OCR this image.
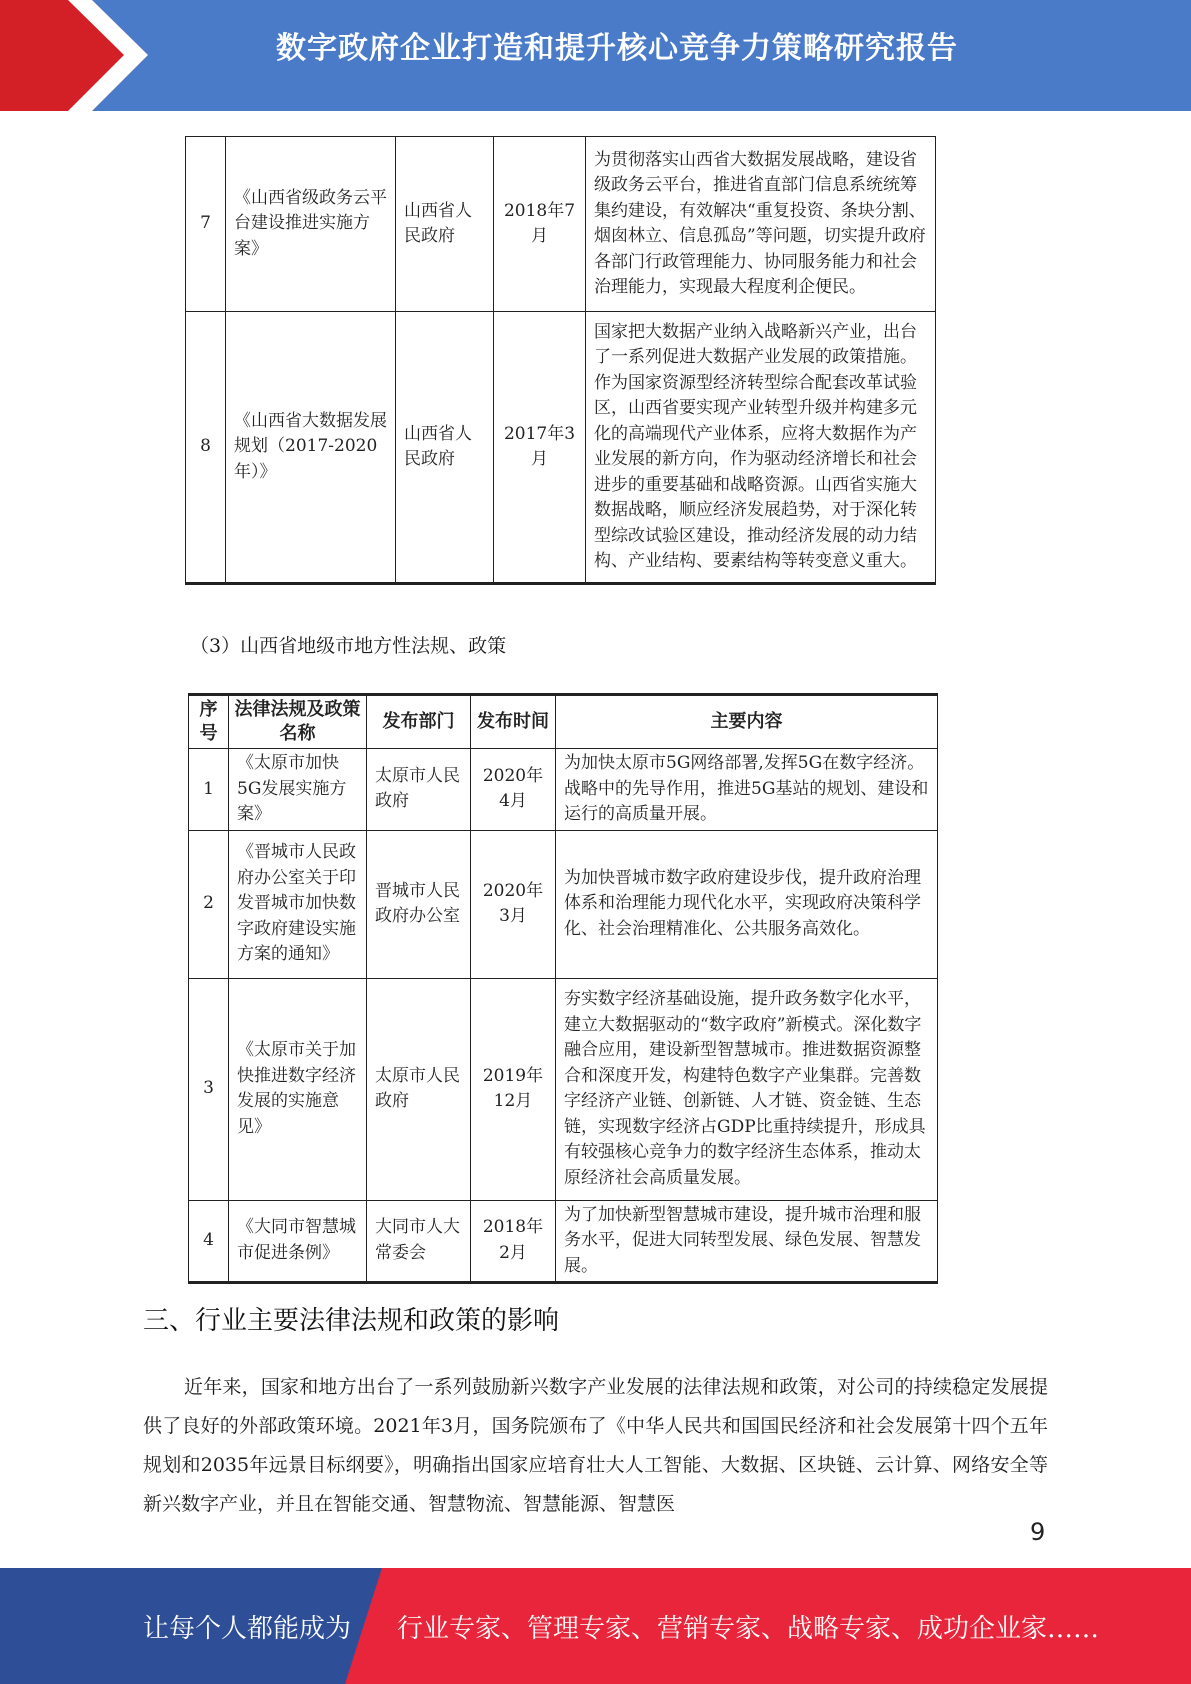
数字政府企业打造和提升核心竞争力策略研究报告
7	《山西省级政务云平台建设推进实施方案》	山西省人民政府	2018年7月	为贯彻落实山西省大数据发展战略，建设省级政务云平台，推进省直部门信息系统统筹集约建设，有效解决“重复投资、条块分割、烟囱林立、信息孤岛”等问题，切实提升政府各部门行政管理能力、协同服务能力和社会治理能力，实现最大程度利企便民。
8	《山西省大数据发展规划（2017-2020年）》	山西省人民政府	2017年3月	国家把大数据产业纳入战略新兴产业，出台了一系列促进大数据产业发展的政策措施。作为国家资源型经济转型综合配套改革试验区，山西省要实现产业转型升级并构建多元化的高端现代产业体系，应将大数据作为产业发展的新方向，作为驱动经济增长和社会进步的重要基础和战略资源。山西省实施大数据战略，顺应经济发展趋势，对于深化转型综改试验区建设，推动经济发展的动力结构、产业结构、要素结构等转变意义重大。
（3）山西省地级市地方性法规、政策
序号	法律法规及政策名称	发布部门	发布时间	主要内容
1	《太原市加快5G发展实施方案》	太原市人民政府	2020年4月	为加快太原市5G网络部署,发挥5G在数字经济。战略中的先导作用，推进5G基站的规划、建设和运行的高质量开展。
2	《晋城市人民政府办公室关于印发晋城市加快数字政府建设实施方案的通知》	晋城市人民政府办公室	2020年3月	为加快晋城市数字政府建设步伐，提升政府治理体系和治理能力现代化水平，实现政府决策科学化、社会治理精准化、公共服务高效化。
3	《太原市关于加快推进数字经济发展的实施意见》	太原市人民政府	2019年12月	夯实数字经济基础设施，提升政务数字化水平，建立大数据驱动的“数字政府”新模式。深化数字融合应用，建设新型智慧城市。推进数据资源整合和深度开发，构建特色数字产业集群。完善数字经济产业链、创新链、人才链、资金链、生态链，实现数字经济占GDP比重持续提升，形成具有较强核心竞争力的数字经济生态体系，推动太原经济社会高质量发展。
4	《大同市智慧城市促进条例》	大同市人大常委会	2018年2月	为了加快新型智慧城市建设，提升城市治理和服务水平，促进大同转型发展、绿色发展、智慧发展。
三、行业主要法律法规和政策的影响
近年来，国家和地方出台了一系列鼓励新兴数字产业发展的法律法规和政策，对公司的持续稳定发展提供了良好的外部政策环境。2021年3月，国务院颁布了《中华人民共和国国民经济和社会发展第十四个五年规划和2035年远景目标纲要》，明确指出国家应培育壮大人工智能、大数据、区块链、云计算、网络安全等新兴数字产业，并且在智能交通、智慧物流、智慧能源、智慧医
9
让每个人都能成为 行业专家、管理专家、营销专家、战略专家、成功企业家……
